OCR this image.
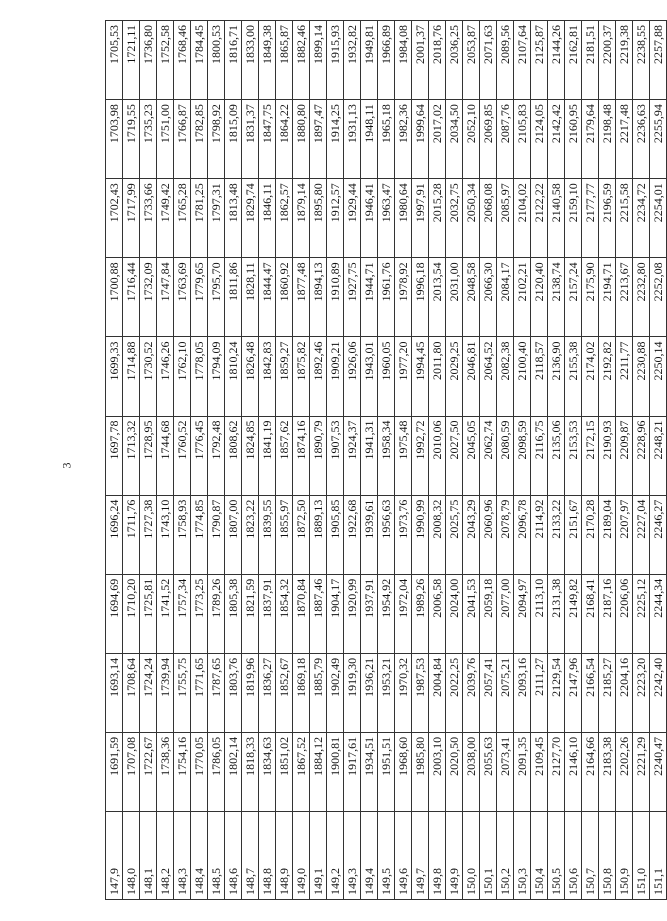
3
147,9	1691,59	1693,14	1694,69	1696,24	1697,78	1699,33	1700,88	1702,43	1703,98	1705,53
148,0	1707,08	1708,64	1710,20	1711,76	1713,32	1714,88	1716,44	1717,99	1719,55	1721,11
148,1	1722,67	1724,24	1725,81	1727,38	1728,95	1730,52	1732,09	1733,66	1735,23	1736,80
148,2	1738,36	1739,94	1741,52	1743,10	1744,68	1746,26	1747,84	1749,42	1751,00	1752,58
148,3	1754,16	1755,75	1757,34	1758,93	1760,52	1762,10	1763,69	1765,28	1766,87	1768,46
148,4	1770,05	1771,65	1773,25	1774,85	1776,45	1778,05	1779,65	1781,25	1782,85	1784,45
148,5	1786,05	1787,65	1789,26	1790,87	1792,48	1794,09	1795,70	1797,31	1798,92	1800,53
148,6	1802,14	1803,76	1805,38	1807,00	1808,62	1810,24	1811,86	1813,48	1815,09	1816,71
148,7	1818,33	1819,96	1821,59	1823,22	1824,85	1826,48	1828,11	1829,74	1831,37	1833,00
148,8	1834,63	1836,27	1837,91	1839,55	1841,19	1842,83	1844,47	1846,11	1847,75	1849,38
148,9	1851,02	1852,67	1854,32	1855,97	1857,62	1859,27	1860,92	1862,57	1864,22	1865,87
149,0	1867,52	1869,18	1870,84	1872,50	1874,16	1875,82	1877,48	1879,14	1880,80	1882,46
149,1	1884,12	1885,79	1887,46	1889,13	1890,79	1892,46	1894,13	1895,80	1897,47	1899,14
149,2	1900,81	1902,49	1904,17	1905,85	1907,53	1909,21	1910,89	1912,57	1914,25	1915,93
149,3	1917,61	1919,30	1920,99	1922,68	1924,37	1926,06	1927,75	1929,44	1931,13	1932,82
149,4	1934,51	1936,21	1937,91	1939,61	1941,31	1943,01	1944,71	1946,41	1948,11	1949,81
149,5	1951,51	1953,21	1954,92	1956,63	1958,34	1960,05	1961,76	1963,47	1965,18	1966,89
149,6	1968,60	1970,32	1972,04	1973,76	1975,48	1977,20	1978,92	1980,64	1982,36	1984,08
149,7	1985,80	1987,53	1989,26	1990,99	1992,72	1994,45	1996,18	1997,91	1999,64	2001,37
149,8	2003,10	2004,84	2006,58	2008,32	2010,06	2011,80	2013,54	2015,28	2017,02	2018,76
149,9	2020,50	2022,25	2024,00	2025,75	2027,50	2029,25	2031,00	2032,75	2034,50	2036,25
150,0	2038,00	2039,76	2041,53	2043,29	2045,05	2046,81	2048,58	2050,34	2052,10	2053,87
150,1	2055,63	2057,41	2059,18	2060,96	2062,74	2064,52	2066,30	2068,08	2069,85	2071,63
150,2	2073,41	2075,21	2077,00	2078,79	2080,59	2082,38	2084,17	2085,97	2087,76	2089,56
150,3	2091,35	2093,16	2094,97	2096,78	2098,59	2100,40	2102,21	2104,02	2105,83	2107,64
150,4	2109,45	2111,27	2113,10	2114,92	2116,75	2118,57	2120,40	2122,22	2124,05	2125,87
150,5	2127,70	2129,54	2131,38	2133,22	2135,06	2136,90	2138,74	2140,58	2142,42	2144,26
150,6	2146,10	2147,96	2149,82	2151,67	2153,53	2155,38	2157,24	2159,10	2160,95	2162,81
150,7	2164,66	2166,54	2168,41	2170,28	2172,15	2174,02	2175,90	2177,77	2179,64	2181,51
150,8	2183,38	2185,27	2187,16	2189,04	2190,93	2192,82	2194,71	2196,59	2198,48	2200,37
150,9	2202,26	2204,16	2206,06	2207,97	2209,87	2211,77	2213,67	2215,58	2217,48	2219,38
151,0	2221,29	2223,20	2225,12	2227,04	2228,96	2230,88	2232,80	2234,72	2236,63	2238,55
151,1	2240,47	2242,40	2244,34	2246,27	2248,21	2250,14	2252,08	2254,01	2255,94	2257,88
